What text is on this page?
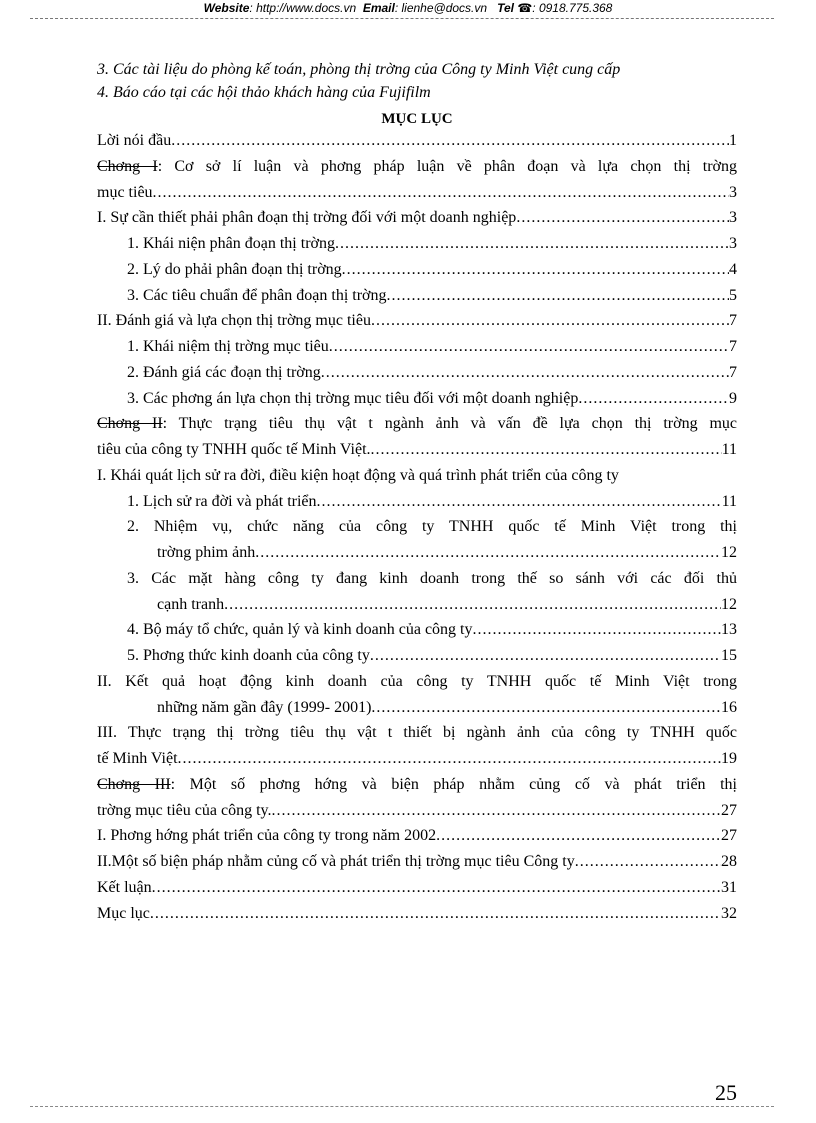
Website: http://www.docs.vn Email: lienhe@docs.vn Tel ☎: 0918.775.368
3. Các tài liệu do phòng kế toán, phòng thị trờng của Công ty Minh Việt cung cấp
4. Báo cáo tại các hội thảo khách hàng của Fujifilm
MỤC LỤC
Lời nói đầu .....	1
Chơng I: Cơ sở lí luận và phơng pháp luận về phân đoạn và lựa chọn thị trờng
mục tiêu .....	3
I. Sự cần thiết phải phân đoạn thị trờng đối với một doanh nghiệp .....	3
1. Khái niện phân đoạn thị trờng .....	3
2. Lý do phải phân đoạn thị trờng .....	4
3. Các tiêu chuẩn để phân đoạn thị trờng .....	5
II. Đánh giá và lựa chọn thị trờng mục tiêu .....	7
1. Khái niệm thị trờng mục tiêu .....	7
2. Đánh giá các đoạn thị trờng .....	7
3. Các phơng án lựa chọn thị trờng mục tiêu đối với một doanh nghiệp .....	9
Chơng II: Thực trạng tiêu thụ vật t ngành ảnh và vấn đề lựa chọn thị trờng mục
tiêu của công ty TNHH quốc tế Minh Việt. .....	11
I. Khái quát lịch sử ra đời, điều kiện hoạt động và quá trình phát triển của công ty
1. Lịch sử ra đời và phát triển .....	11
2. Nhiệm vụ, chức năng của công ty TNHH quốc tế Minh Việt trong thị
trờng phim ảnh .....	12
3. Các mặt hàng công ty đang kinh doanh trong thế so sánh với các đối thủ
cạnh tranh .....	12
4. Bộ máy tổ chức, quản lý và kinh doanh của công ty .....	13
5. Phơng thức kinh doanh của công ty .....	15
II. Kết quả hoạt động kinh doanh của công ty TNHH quốc tế Minh Việt trong
những năm gần đây (1999- 2001) .....	16
III. Thực trạng thị trờng tiêu thụ vật t thiết bị ngành ảnh của công ty TNHH quốc
tế Minh Việt .....	19
Chơng III: Một số phơng hớng và biện pháp nhằm củng cố và phát triển thị
trờng mục tiêu của công ty. .....	27
I. Phơng hớng phát triển của công ty trong năm 2002 .....	27
II.Một số biện pháp nhằm củng cố và phát triển thị trờng mục tiêu Công ty .....	28
Kết luận .....	31
Mục lục .....	32
25
